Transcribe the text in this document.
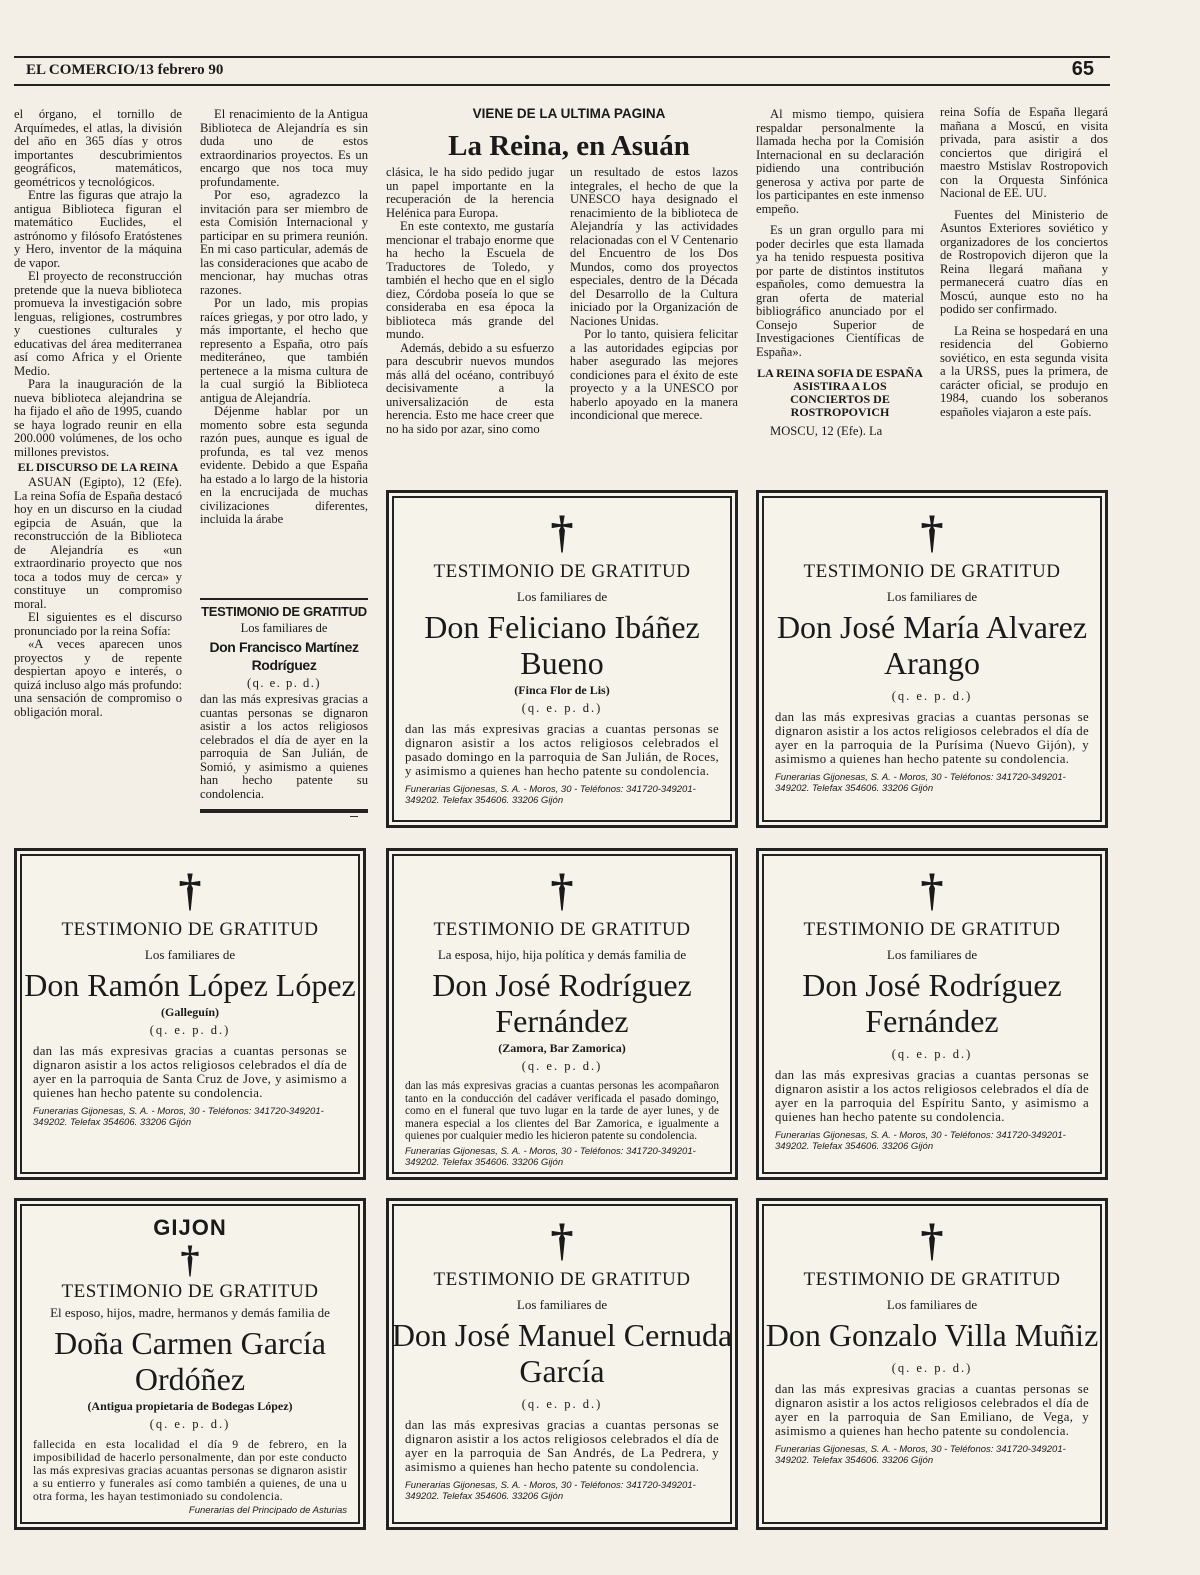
EL COMERCIO/13 febrero 90	65

el órgano, el tornillo de Arquímedes, el atlas, la división del año en 365 días y otros importantes descubrimientos geográficos, matemáticos, geométricos y tecnológicos.

Entre las figuras que atrajo la antigua Biblioteca figuran el matemático Euclides, el astrónomo y filósofo Eratóstenes y Hero, inventor de la máquina de vapor.

El proyecto de reconstrucción pretende que la nueva biblioteca promueva la investigación sobre lenguas, religiones, costrumbres y cuestiones culturales y educativas del área mediterranea así como Africa y el Oriente Medio.

Para la inauguración de la nueva biblioteca alejandrina se ha fijado el año de 1995, cuando se haya logrado reunir en ella 200.000 volúmenes, de los ocho millones previstos.

EL DISCURSO DE LA REINA

ASUAN (Egipto), 12 (Efe). La reina Sofía de España destacó hoy en un discurso en la ciudad egipcia de Asuán, que la reconstrucción de la Biblioteca de Alejandría es «un extraordinario proyecto que nos toca a todos muy de cerca» y constituye un compromiso moral.

El siguientes es el discurso pronunciado por la reina Sofía:

«A veces aparecen unos proyectos y de repente despiertan apoyo e interés, o quizá incluso algo más profundo: una sensación de compromiso o obligación moral.

El renacimiento de la Antigua Biblioteca de Alejandría es sin duda uno de estos extraordinarios proyectos. Es un encargo que nos toca muy profundamente.

Por eso, agradezco la invitación para ser miembro de esta Comisión Internacional y participar en su primera reunión. En mi caso particular, además de las consideraciones que acabo de mencionar, hay muchas otras razones.

Por un lado, mis propias raíces griegas, y por otro lado, y más importante, el hecho que represento a España, otro país mediteráneo, que también pertenece a la misma cultura de la cual surgió la Biblioteca antigua de Alejandría.

Déjenme hablar por un momento sobre esta segunda razón pues, aunque es igual de profunda, es tal vez menos evidente. Debido a que España ha estado a lo largo de la historia en la encrucijada de muchas civilizaciones diferentes, incluida la árabe

VIENE DE LA ULTIMA PAGINA
La Reina, en Asuán

clásica, le ha sido pedido jugar un papel importante en la recuperación de la herencia Helénica para Europa.

En este contexto, me gustaría mencionar el trabajo enorme que ha hecho la Escuela de Traductores de Toledo, y también el hecho que en el siglo diez, Córdoba poseía lo que se consideraba en esa época la biblioteca más grande del mundo.

Además, debido a su esfuerzo para descubrir nuevos mundos más allá del océano, contribuyó decisivamente a la universalización de esta herencia. Esto me hace creer que no ha sido por azar, sino como

un resultado de estos lazos integrales, el hecho de que la UNESCO haya designado el renacimiento de la biblioteca de Alejandría y las actividades relacionadas con el V Centenario del Encuentro de los Dos Mundos, como dos proyectos especiales, dentro de la Década del Desarrollo de la Cultura iniciado por la Organización de Naciones Unidas.

Por lo tanto, quisiera felicitar a las autoridades egipcias por haber asegurado las mejores condiciones para el éxito de este proyecto y a la UNESCO por haberlo apoyado en la manera incondicional que merece.

Al mismo tiempo, quisiera respaldar personalmente la llamada hecha por la Comisión Internacional en su declaración pidiendo una contribución generosa y activa por parte de los participantes en este inmenso empeño.

Es un gran orgullo para mi poder decirles que esta llamada ya ha tenido respuesta positiva por parte de distintos institutos españoles, como demuestra la gran oferta de material bibliográfico anunciado por el Consejo Superior de Investigaciones Científicas de España».

LA REINA SOFIA DE ESPAÑA ASISTIRA A LOS CONCIERTOS DE ROSTROPOVICH

MOSCU, 12 (Efe). La

reina Sofía de España llegará mañana a Moscú, en visita privada, para asistir a dos conciertos que dirigirá el maestro Mstislav Rostropovich con la Orquesta Sinfónica Nacional de EE. UU.

Fuentes del Ministerio de Asuntos Exteriores soviético y organizadores de los conciertos de Rostropovich dijeron que la Reina llegará mañana y permanecerá cuatro días en Moscú, aunque esto no ha podido ser confirmado.

La Reina se hospedará en una residencia del Gobierno soviético, en esta segunda visita a la URSS, pues la primera, de carácter oficial, se produjo en 1984, cuando los soberanos españoles viajaron a este país.

TESTIMONIO DE GRATITUD
Los familiares de
Don Francisco Martínez Rodríguez
(q. e. p. d.)
dan las más expresivas gracias a cuantas personas se dignaron asistir a los actos religiosos celebrados el día de ayer en la parroquia de San Julián, de Somió, y asimismo a quienes han hecho patente su condolencia.
†
TESTIMONIO DE GRATITUD
Los familiares de
Don Feliciano Ibáñez Bueno
(Finca Flor de Lis)
(q. e. p. d.)
dan las más expresivas gracias a cuantas personas se dignaron asistir a los actos religiosos celebrados el pasado domingo en la parroquia de San Julián, de Roces, y asimismo a quienes han hecho patente su condolencia.
Funerarias Gijonesas, S. A. - Moros, 30 - Teléfonos: 341720-349201-349202. Telefax 354606. 33206 Gijón
†
TESTIMONIO DE GRATITUD
Los familiares de
Don José María Alvarez Arango
(q. e. p. d.)
dan las más expresivas gracias a cuantas personas se dignaron asistir a los actos religiosos celebrados el día de ayer en la parroquia de la Purísima (Nuevo Gijón), y asimismo a quienes han hecho patente su condolencia.
Funerarias Gijonesas, S. A. - Moros, 30 - Teléfonos: 341720-349201-349202. Telefax 354606. 33206 Gijón
†
TESTIMONIO DE GRATITUD
Los familiares de
Don Ramón López López
(Galleguín)
(q. e. p. d.)
dan las más expresivas gracias a cuantas personas se dignaron asistir a los actos religiosos celebrados el día de ayer en la parroquia de Santa Cruz de Jove, y asimismo a quienes han hecho patente su condolencia.
Funerarias Gijonesas, S. A. - Moros, 30 - Teléfonos: 341720-349201-349202. Telefax 354606. 33206 Gijón
†
TESTIMONIO DE GRATITUD
La esposa, hijo, hija política y demás familia de
Don José Rodríguez Fernández
(Zamora, Bar Zamorica)
(q. e. p. d.)
dan las más expresivas gracias a cuantas personas les acompañaron tanto en la conducción del cadáver verificada el pasado domingo, como en el funeral que tuvo lugar en la tarde de ayer lunes, y de manera especial a los clientes del Bar Zamorica, e igualmente a quienes por cualquier medio les hicieron patente su condolencia.
Funerarias Gijonesas, S. A. - Moros, 30 - Teléfonos: 341720-349201-349202. Telefax 354606. 33206 Gijón
†
TESTIMONIO DE GRATITUD
Los familiares de
Don José Rodríguez Fernández
(q. e. p. d.)
dan las más expresivas gracias a cuantas personas se dignaron asistir a los actos religiosos celebrados el día de ayer en la parroquia del Espíritu Santo, y asimismo a quienes han hecho patente su condolencia.
Funerarias Gijonesas, S. A. - Moros, 30 - Teléfonos: 341720-349201-349202. Telefax 354606. 33206 Gijón
GIJON
†
TESTIMONIO DE GRATITUD
El esposo, hijos, madre, hermanos y demás familia de
Doña Carmen García Ordóñez
(Antigua propietaria de Bodegas López)
(q. e. p. d.)
fallecida en esta localidad el día 9 de febrero, en la imposibilidad de hacerlo personalmente, dan por este conducto las más expresivas gracias acuantas personas se dignaron asistir a su entierro y funerales así como también a quienes, de una u otra forma, les hayan testimoniado su condolencia.
Funerarias del Principado de Asturias
†
TESTIMONIO DE GRATITUD
Los familiares de
Don José Manuel Cernuda García
(q. e. p. d.)
dan las más expresivas gracias a cuantas personas se dignaron asistir a los actos religiosos celebrados el día de ayer en la parroquia de San Andrés, de La Pedrera, y asimismo a quienes han hecho patente su condolencia.
Funerarias Gijonesas, S. A. - Moros, 30 - Teléfonos: 341720-349201-349202. Telefax 354606. 33206 Gijón
†
TESTIMONIO DE GRATITUD
Los familiares de
Don Gonzalo Villa Muñiz
(q. e. p. d.)
dan las más expresivas gracias a cuantas personas se dignaron asistir a los actos religiosos celebrados el día de ayer en la parroquia de San Emiliano, de Vega, y asimismo a quienes han hecho patente su condolencia.
Funerarias Gijonesas, S. A. - Moros, 30 - Teléfonos: 341720-349201-349202. Telefax 354606. 33206 Gijón
